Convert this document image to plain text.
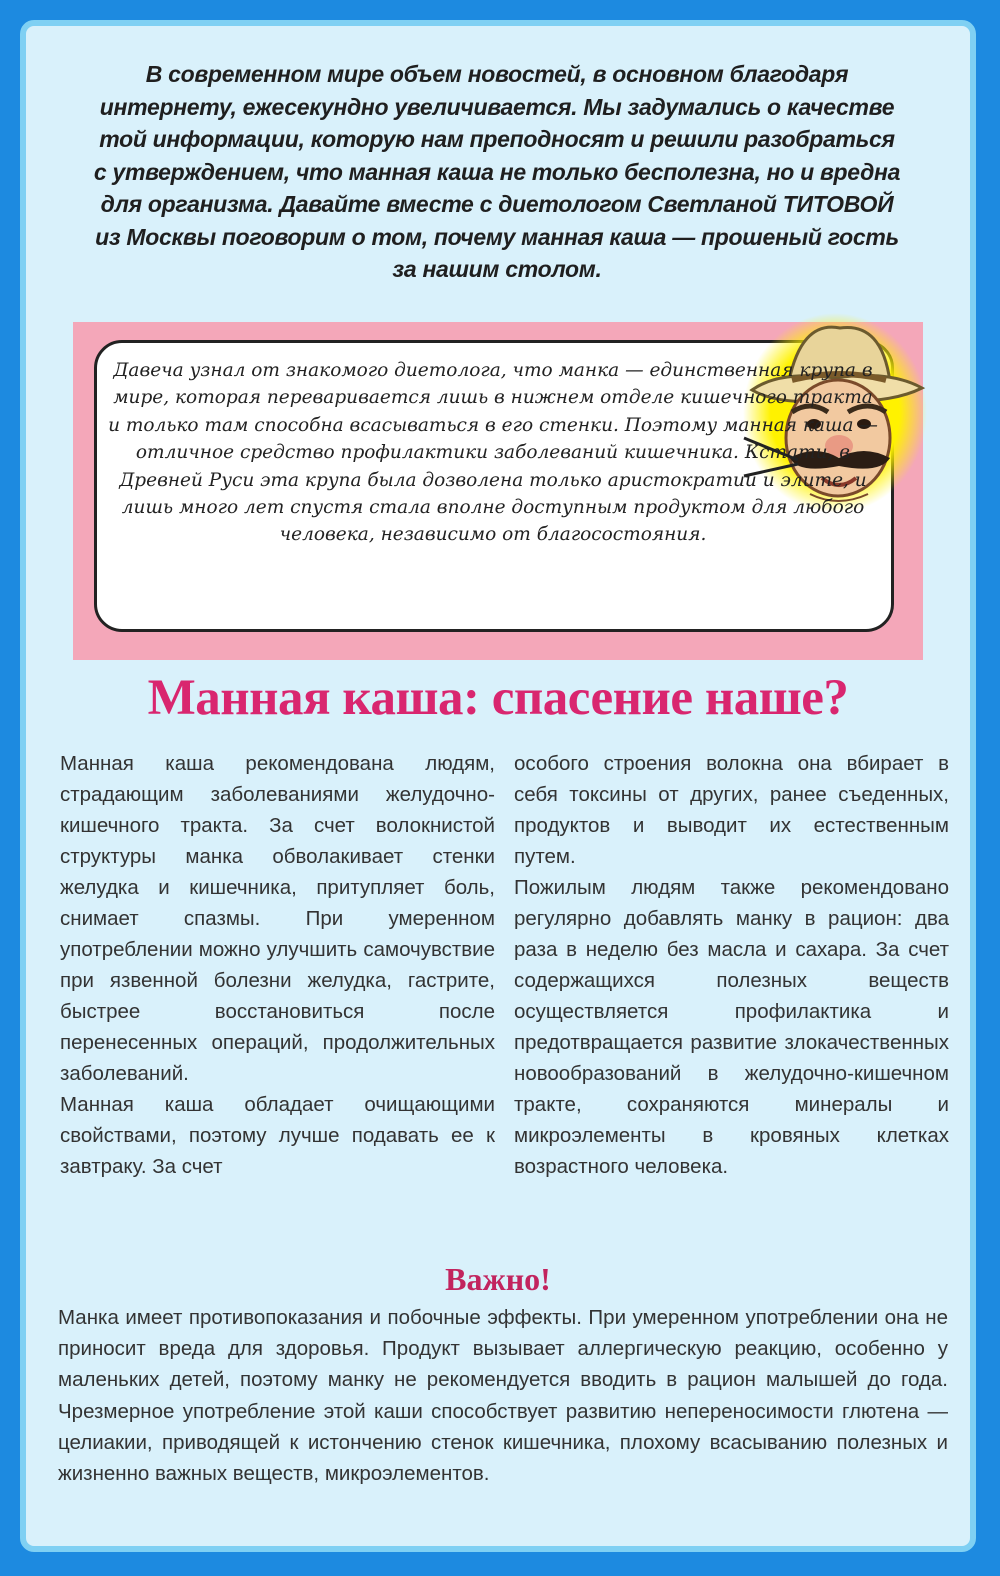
В современном мире объем новостей, в основном благодаря интернету, ежесекундно увеличивается. Мы задумались о качестве той информации, которую нам преподносят и решили разобраться с утверждением, что манная каша не только бесполезна, но и вредна для организма. Давайте вместе с диетологом Светланой ТИТОВОЙ из Москвы поговорим о том, почему манная каша — прошеный гость за нашим столом.

Давеча узнал от знакомого диетолога, что манка — единственная крупа в мире, которая переваривается лишь в нижнем отделе кишечного тракта и только там способна всасываться в его стенки. Поэтому манная каша — отличное средство профилактики заболеваний кишечника. Кстати, в Древней Руси эта крупа была дозволена только аристократии и элите, и лишь много лет спустя стала вполне доступным продуктом для любого человека, независимо от благосостояния.

Манная каша: спасение наше?

Манная каша рекомендована людям, страдающим заболеваниями желудочно-кишечного тракта. За счет волокнистой структуры манка обволакивает стенки желудка и кишечника, притупляет боль, снимает спазмы. При умеренном употреблении можно улучшить самочувствие при язвенной болезни желудка, гастрите, быстрее восстановиться после перенесенных операций, продолжительных заболеваний.

Манная каша обладает очищающими свойствами, поэтому лучше подавать ее к завтраку. За счет

особого строения волокна она вбирает в себя токсины от других, ранее съеденных, продуктов и выводит их естественным путем.

Пожилым людям также рекомендовано регулярно добавлять манку в рацион: два раза в неделю без масла и сахара. За счет содержащихся полезных веществ осуществляется профилактика и предотвращается развитие злокачественных новообразований в желудочно-кишечном тракте, сохраняются минералы и микроэлементы в кровяных клетках возрастного человека.

Важно!

Манка имеет противопоказания и побочные эффекты. При умеренном употреблении она не приносит вреда для здоровья. Продукт вызывает аллергическую реакцию, особенно у маленьких детей, поэтому манку не рекомендуется вводить в рацион малышей до года. Чрезмерное употребление этой каши способствует развитию непереносимости глютена — целиакии, приводящей к истончению стенок кишечника, плохому всасыванию полезных и жизненно важных веществ, микроэлементов.
